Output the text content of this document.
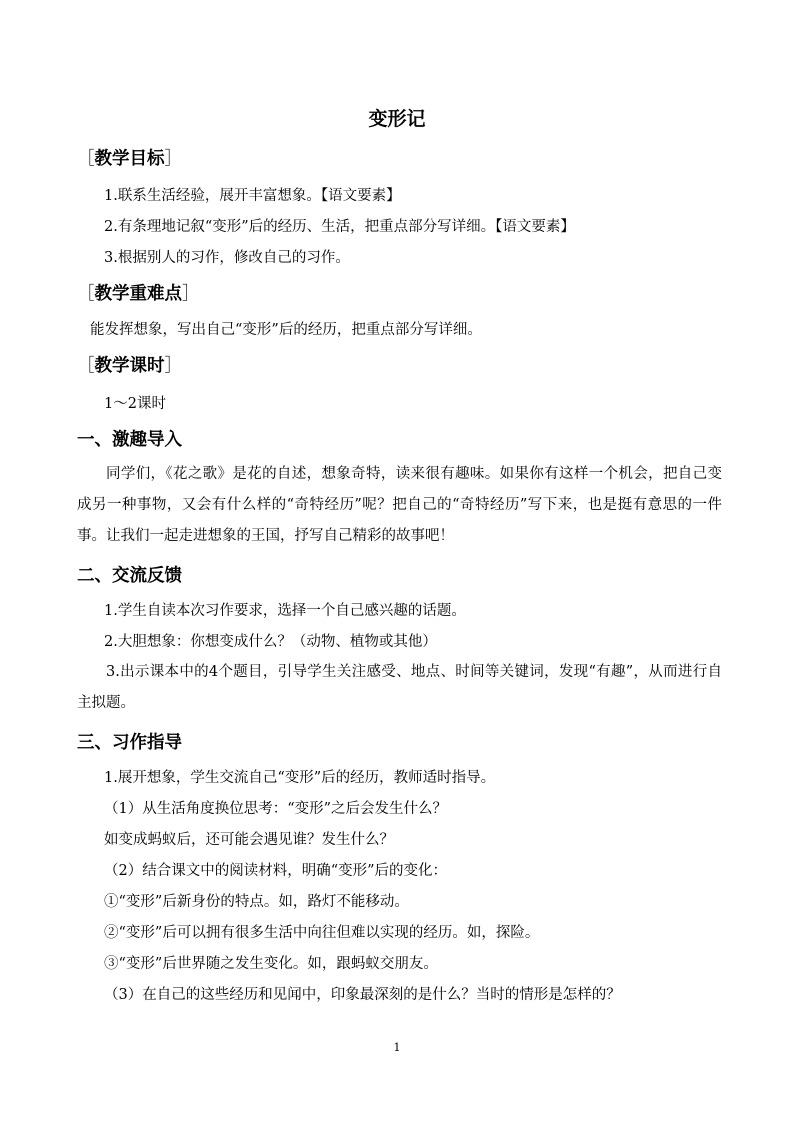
变形记
［教学目标］
1.联系生活经验，展开丰富想象。【语文要素】
2.有条理地记叙“变形”后的经历、生活，把重点部分写详细。【语文要素】
3.根据别人的习作，修改自己的习作。
［教学重难点］
能发挥想象，写出自己“变形”后的经历，把重点部分写详细。
［教学课时］
1～2课时
一、激趣导入
同学们，《花之歌》是花的自述，想象奇特，读来很有趣味。如果你有这样一个机会，把自己变成另一种事物，又会有什么样的“奇特经历”呢？把自己的“奇特经历”写下来，也是挺有意思的一件事。让我们一起走进想象的王国，抒写自己精彩的故事吧！
二、交流反馈
1.学生自读本次习作要求，选择一个自己感兴趣的话题。
2.大胆想象：你想变成什么？（动物、植物或其他）
3.出示课本中的4个题目，引导学生关注感受、地点、时间等关键词，发现“有趣”，从而进行自主拟题。
三、习作指导
1.展开想象，学生交流自己“变形”后的经历，教师适时指导。
（1）从生活角度换位思考：“变形”之后会发生什么？
如变成蚂蚁后，还可能会遇见谁？发生什么？
（2）结合课文中的阅读材料，明确“变形”后的变化：
①“变形”后新身份的特点。如，路灯不能移动。
②“变形”后可以拥有很多生活中向往但难以实现的经历。如，探险。
③“变形”后世界随之发生变化。如，跟蚂蚁交朋友。
（3）在自己的这些经历和见闻中，印象最深刻的是什么？当时的情形是怎样的？
1
